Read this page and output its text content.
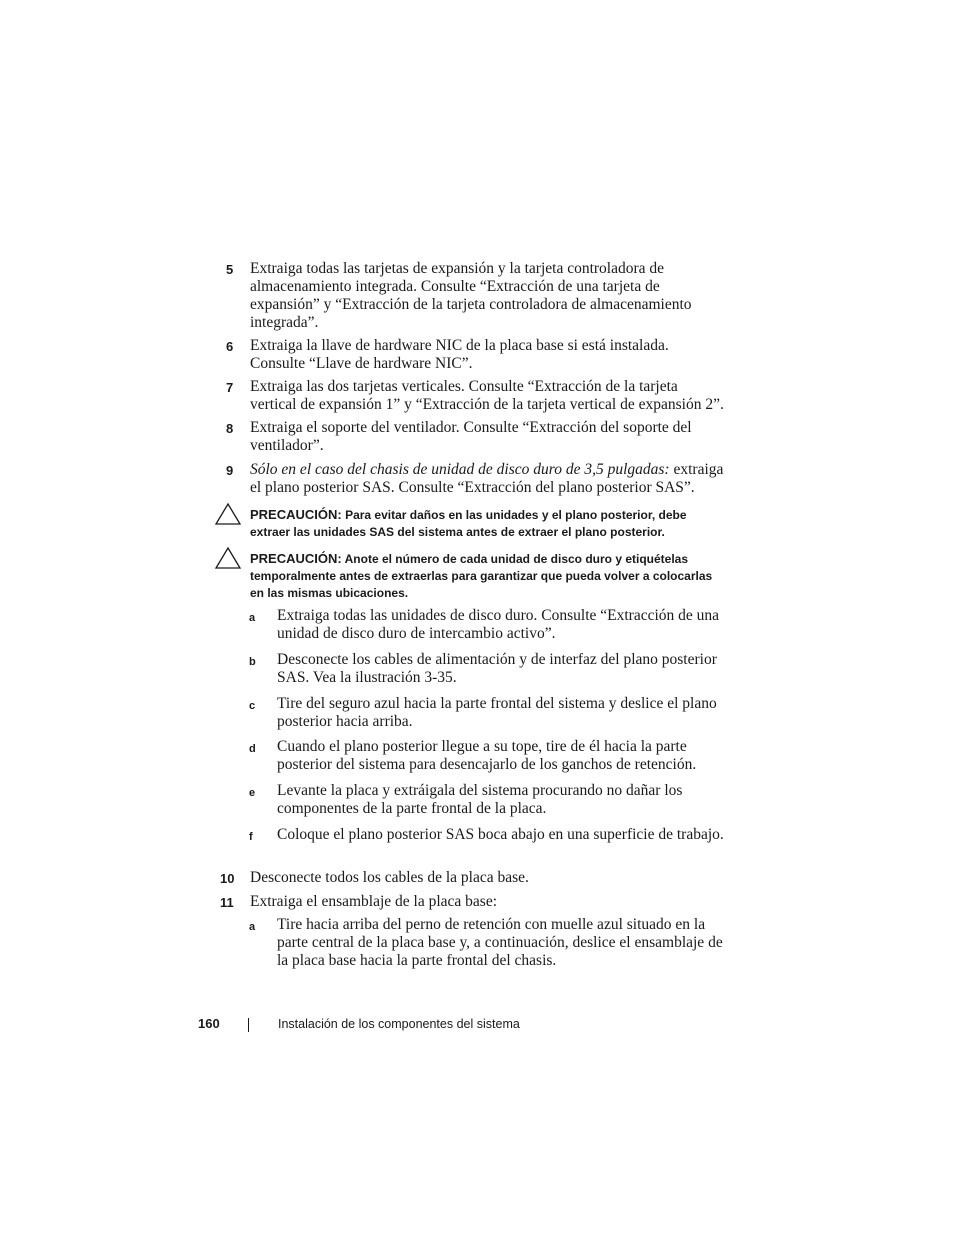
5 Extraiga todas las tarjetas de expansión y la tarjeta controladora de almacenamiento integrada. Consulte “Extracción de una tarjeta de expansión” y “Extracción de la tarjeta controladora de almacenamiento integrada”.
6 Extraiga la llave de hardware NIC de la placa base si está instalada. Consulte “Llave de hardware NIC”.
7 Extraiga las dos tarjetas verticales. Consulte “Extracción de la tarjeta vertical de expansión 1” y “Extracción de la tarjeta vertical de expansión 2”.
8 Extraiga el soporte del ventilador. Consulte “Extracción del soporte del ventilador”.
9 Sólo en el caso del chasis de unidad de disco duro de 3,5 pulgadas: extraiga el plano posterior SAS. Consulte “Extracción del plano posterior SAS”.
PRECAUCIÓN: Para evitar daños en las unidades y el plano posterior, debe extraer las unidades SAS del sistema antes de extraer el plano posterior.
PRECAUCIÓN: Anote el número de cada unidad de disco duro y etiquételas temporalmente antes de extraerlas para garantizar que pueda volver a colocarlas en las mismas ubicaciones.
a Extraiga todas las unidades de disco duro. Consulte “Extracción de una unidad de disco duro de intercambio activo”.
b Desconecte los cables de alimentación y de interfaz del plano posterior SAS. Vea la ilustración 3-35.
c Tire del seguro azul hacia la parte frontal del sistema y deslice el plano posterior hacia arriba.
d Cuando el plano posterior llegue a su tope, tire de él hacia la parte posterior del sistema para desencajarlo de los ganchos de retención.
e Levante la placa y extráigala del sistema procurando no dañar los componentes de la parte frontal de la placa.
f Coloque el plano posterior SAS boca abajo en una superficie de trabajo.
10 Desconecte todos los cables de la placa base.
11 Extraiga el ensamblaje de la placa base:
a Tire hacia arriba del perno de retención con muelle azul situado en la parte central de la placa base y, a continuación, deslice el ensamblaje de la placa base hacia la parte frontal del chasis.
160	Instalación de los componentes del sistema
